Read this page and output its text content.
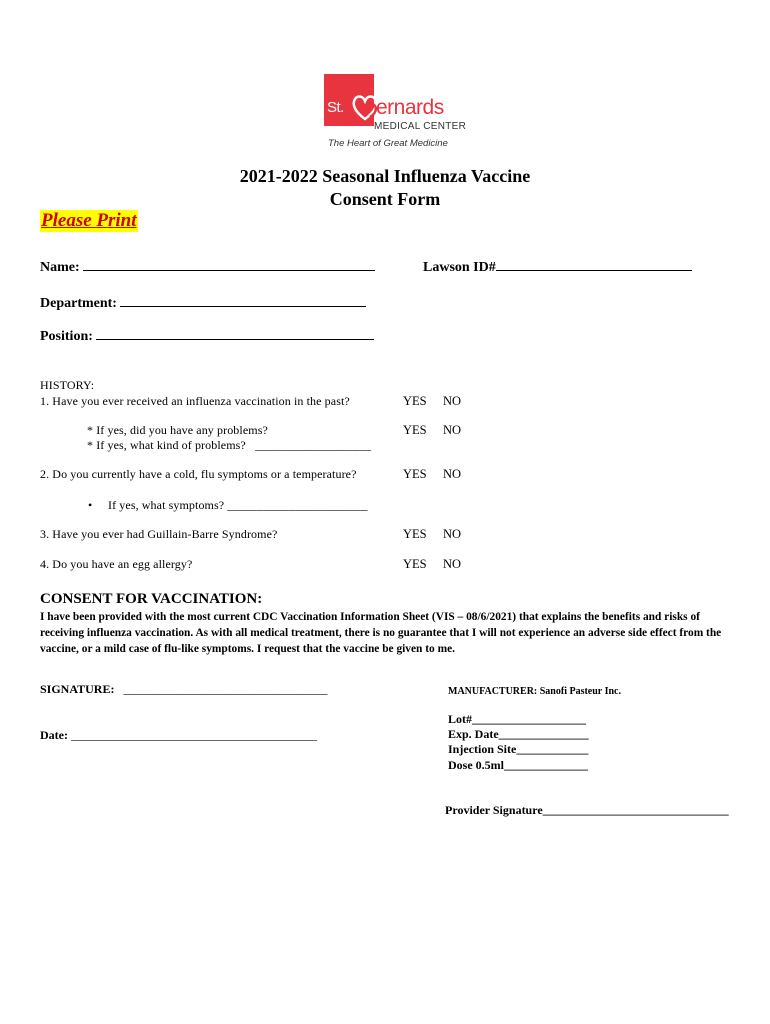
St. ernards
MEDICAL CENTER
The Heart of Great Medicine
2021-2022 Seasonal Influenza Vaccine
Consent Form
Please Print
Name:	Lawson ID#
Department:
Position:
HISTORY:
1. Have you ever received an influenza vaccination in the past?	YES NO
* If yes, did you have any problems?	YES NO
* If yes, what kind of problems? ___________________
2. Do you currently have a cold, flu symptoms or a temperature?	YES NO
• If yes, what symptoms? _______________________
3. Have you ever had Guillain-Barre Syndrome?	YES NO
4. Do you have an egg allergy?	YES NO
CONSENT FOR VACCINATION:
I have been provided with the most current CDC Vaccination Information Sheet (VIS – 08/6/2021) that explains the benefits and risks of receiving influenza vaccination. As with all medical treatment, there is no guarantee that I will not experience an adverse side effect from the vaccine, or a mild case of flu-like symptoms. I request that the vaccine be given to me.
SIGNATURE: __________________________________	MANUFACTURER: Sanofi Pasteur Inc.
Date: _________________________________________
Lot#___________________
Exp. Date_______________
Injection Site____________
Dose 0.5ml______________
Provider Signature_______________________________
